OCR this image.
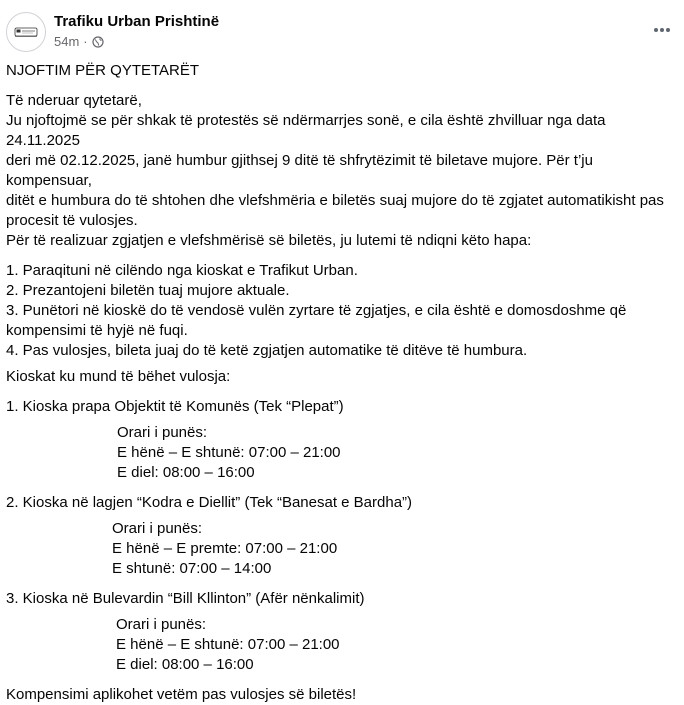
Trafiku Urban Prishtinë
54m ·

NJOFTIM PËR QYTETARËT

Të nderuar qytetarë,

Ju njoftojmë se për shkak të protestës së ndërmarrjes sonë, e cila është zhvilluar nga data 24.11.2025

deri më 02.12.2025, janë humbur gjithsej 9 ditë të shfrytëzimit të biletave mujore. Për t’ju kompensuar,

ditët e humbura do të shtohen dhe vlefshmëria e biletës suaj mujore do të zgjatet automatikisht pas

procesit të vulosjes.

Për të realizuar zgjatjen e vlefshmërisë së biletës, ju lutemi të ndiqni këto hapa:

1. Paraqituni në cilëndo nga kioskat e Trafikut Urban.

2. Prezantojeni biletën tuaj mujore aktuale.

3. Punëtori në kioskë do të vendosë vulën zyrtare të zgjatjes, e cila është e domosdoshme që

kompensimi të hyjë në fuqi.

4. Pas vulosjes, bileta juaj do të ketë zgjatjen automatike të ditëve të humbura.

Kioskat ku mund të bëhet vulosja:

1. Kioska prapa Objektit të Komunës (Tek “Plepat”)

Orari i punës:

E hënë – E shtunë: 07:00 – 21:00

E diel: 08:00 – 16:00

2. Kioska në lagjen “Kodra e Diellit” (Tek “Banesat e Bardha”)

Orari i punës:

E hënë – E premte: 07:00 – 21:00

E shtunë: 07:00 – 14:00

3. Kioska në Bulevardin “Bill Kllinton” (Afër nënkalimit)

Orari i punës:

E hënë – E shtunë: 07:00 – 21:00

E diel: 08:00 – 16:00

Kompensimi aplikohet vetëm pas vulosjes së biletës!
